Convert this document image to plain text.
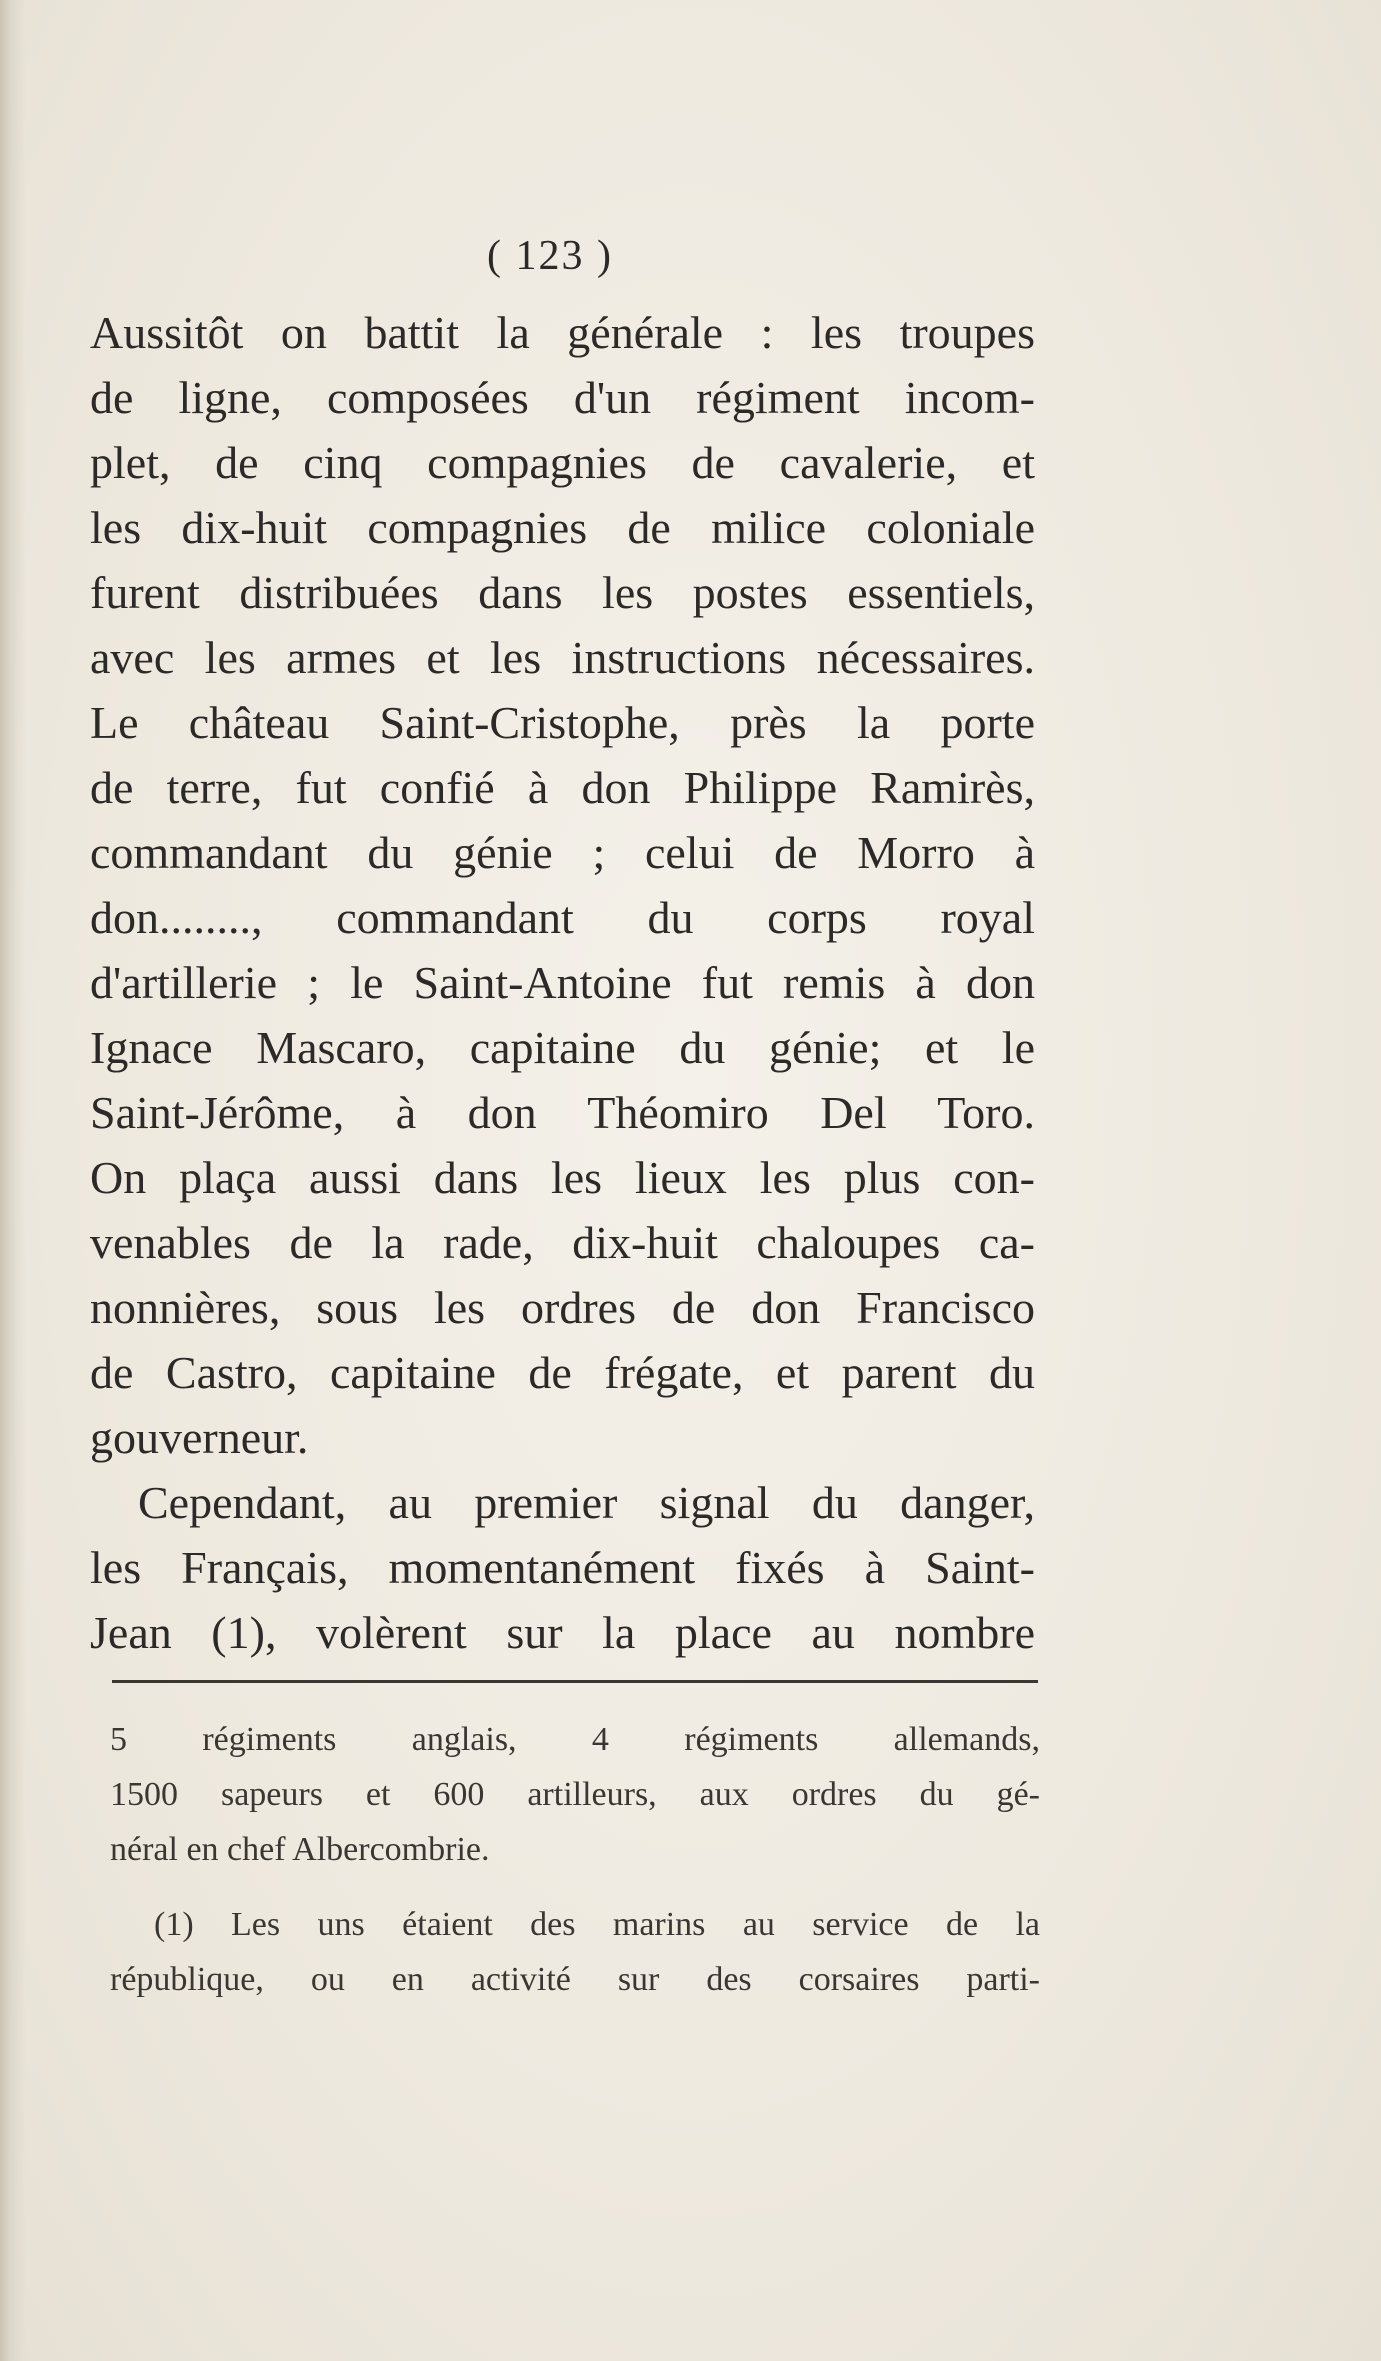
( 123 )
Aussitôt on battit la générale : les troupes
de ligne, composées d'un régiment incom-
plet, de cinq compagnies de cavalerie, et
les dix-huit compagnies de milice coloniale
furent distribuées dans les postes essentiels,
avec les armes et les instructions nécessaires.
Le château Saint-Cristophe, près la porte
de terre, fut confié à don Philippe Ramirès,
commandant du génie ; celui de Morro à
don........, commandant du corps royal
d'artillerie ; le Saint-Antoine fut remis à don
Ignace Mascaro, capitaine du génie; et le
Saint-Jérôme, à don Théomiro Del Toro.
On plaça aussi dans les lieux les plus con-
venables de la rade, dix-huit chaloupes ca-
nonnières, sous les ordres de don Francisco
de Castro, capitaine de frégate, et parent du
gouverneur.
Cependant, au premier signal du danger,
les Français, momentanément fixés à Saint-
Jean (1), volèrent sur la place au nombre
5 régiments anglais, 4 régiments allemands,
1500 sapeurs et 600 artilleurs, aux ordres du gé-
néral en chef Albercombrie.
(1) Les uns étaient des marins au service de la
république, ou en activité sur des corsaires parti-
